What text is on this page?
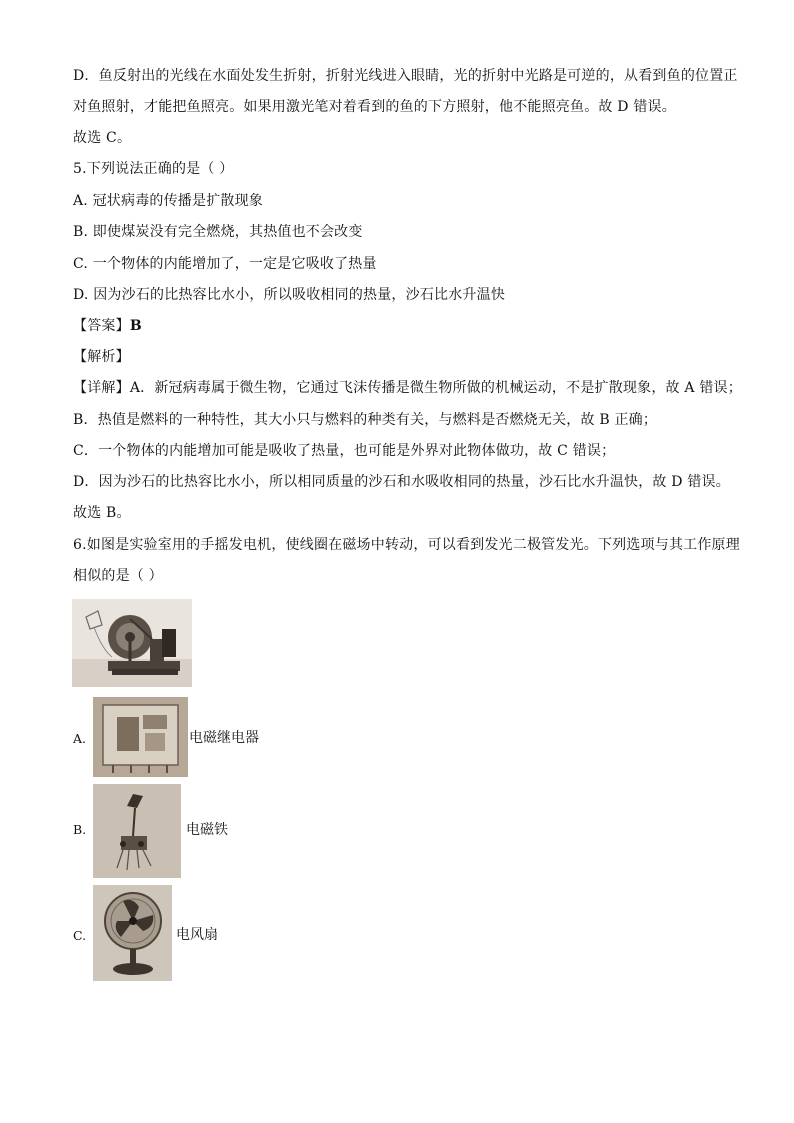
D．鱼反射出的光线在水面处发生折射，折射光线进入眼睛，光的折射中光路是可逆的，从看到鱼的位置正
对鱼照射，才能把鱼照亮。如果用激光笔对着看到的鱼的下方照射，他不能照亮鱼。故 D 错误。
故选 C。
5.下列说法正确的是（ ）
A. 冠状病毒的传播是扩散现象
B. 即使煤炭没有完全燃烧，其热值也不会改变
C. 一个物体的内能增加了，一定是它吸收了热量
D. 因为沙石的比热容比水小，所以吸收相同的热量，沙石比水升温快
【答案】B
【解析】
【详解】A．新冠病毒属于微生物，它通过飞沫传播是微生物所做的机械运动，不是扩散现象，故 A 错误；
B．热值是燃料的一种特性，其大小只与燃料的种类有关，与燃料是否燃烧无关，故 B 正确；
C．一个物体的内能增加可能是吸收了热量，也可能是外界对此物体做功，故 C 错误；
D．因为沙石的比热容比水小，所以相同质量的沙石和水吸收相同的热量，沙石比水升温快，故 D 错误。
故选 B。
6.如图是实验室用的手摇发电机，使线圈在磁场中转动，可以看到发光二极管发光。下列选项与其工作原理
相似的是（ ）
A.	电磁继电器
B.	电磁铁
C.	电风扇
